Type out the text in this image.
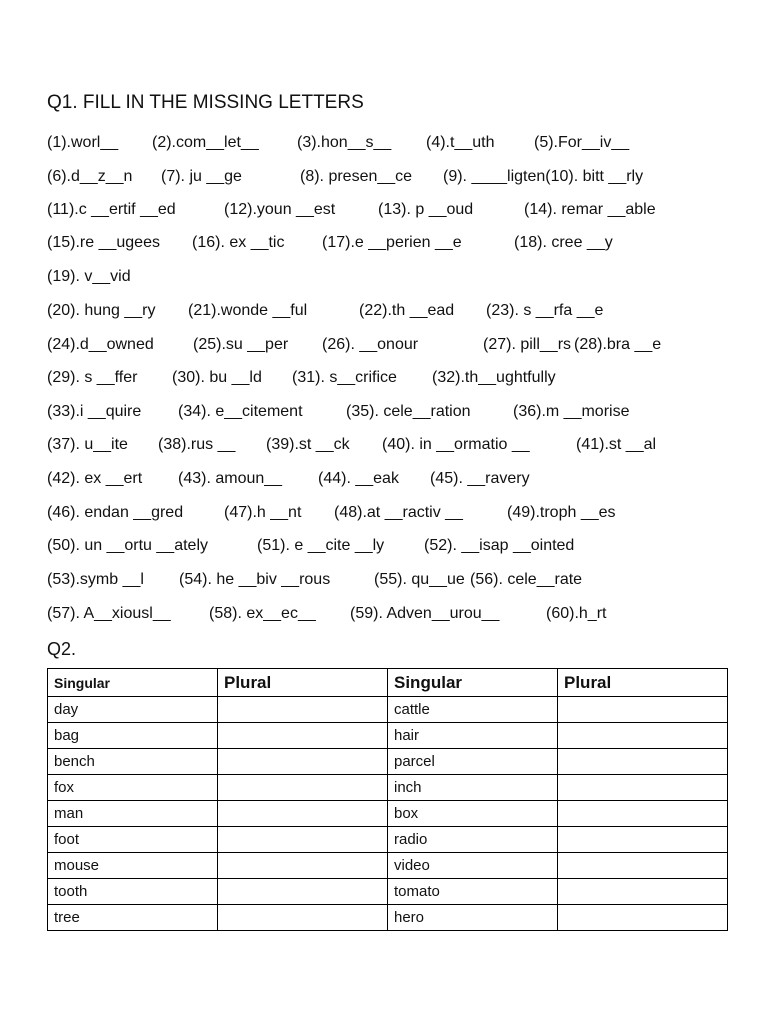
Q1. FILL IN THE MISSING LETTERS
(1).worl__ (2).com__let__ (3).hon__s__ (4).t__uth (5).For__iv__
(6).d__z__n (7). ju __ge	(8). presen__ce (9). ____ligten(10). bitt __rly
(11).c __ertif __ed	(12).youn __est	(13). p __oud	(14). remar __able
(15).re __ugees (16). ex __tic (17).e __perien __e	(18). cree __y
(19). v__vid
(20). hung __ry (21).wonde __ful	(22).th __ead (23). s __rfa __e
(24).d__owned (25).su __per (26). __onour	(27). pill__rs (28).bra __e
(29). s __ffer (30). bu __ld (31). s__crifice (32).th__ughtfully
(33).i __quire (34). e__citement	(35). cele__ration	(36).m __morise
(37). u__ite (38).rus __ (39).st __ck (40). in __ormatio __	(41).st __al
(42). ex __ert (43). amoun__ (44). __eak (45). __ravery
(46). endan __gred	(47).h __nt (48).at __ractiv __	(49).troph __es
(50). un __ortu __ately	(51). e __cite __ly (52). __isap __ointed
(53).symb __l (54). he __biv __rous	(55). qu__ue (56). cele__rate
(57). A__xiousl__ (58). ex__ec__ (59). Adven__urou__	(60).h_rt
Q2.
Singular	Plural	Singular	Plural
day		cattle	
bag		hair	
bench		parcel	
fox		inch	
man		box	
foot		radio	
mouse		video	
tooth		tomato	
tree		hero	
